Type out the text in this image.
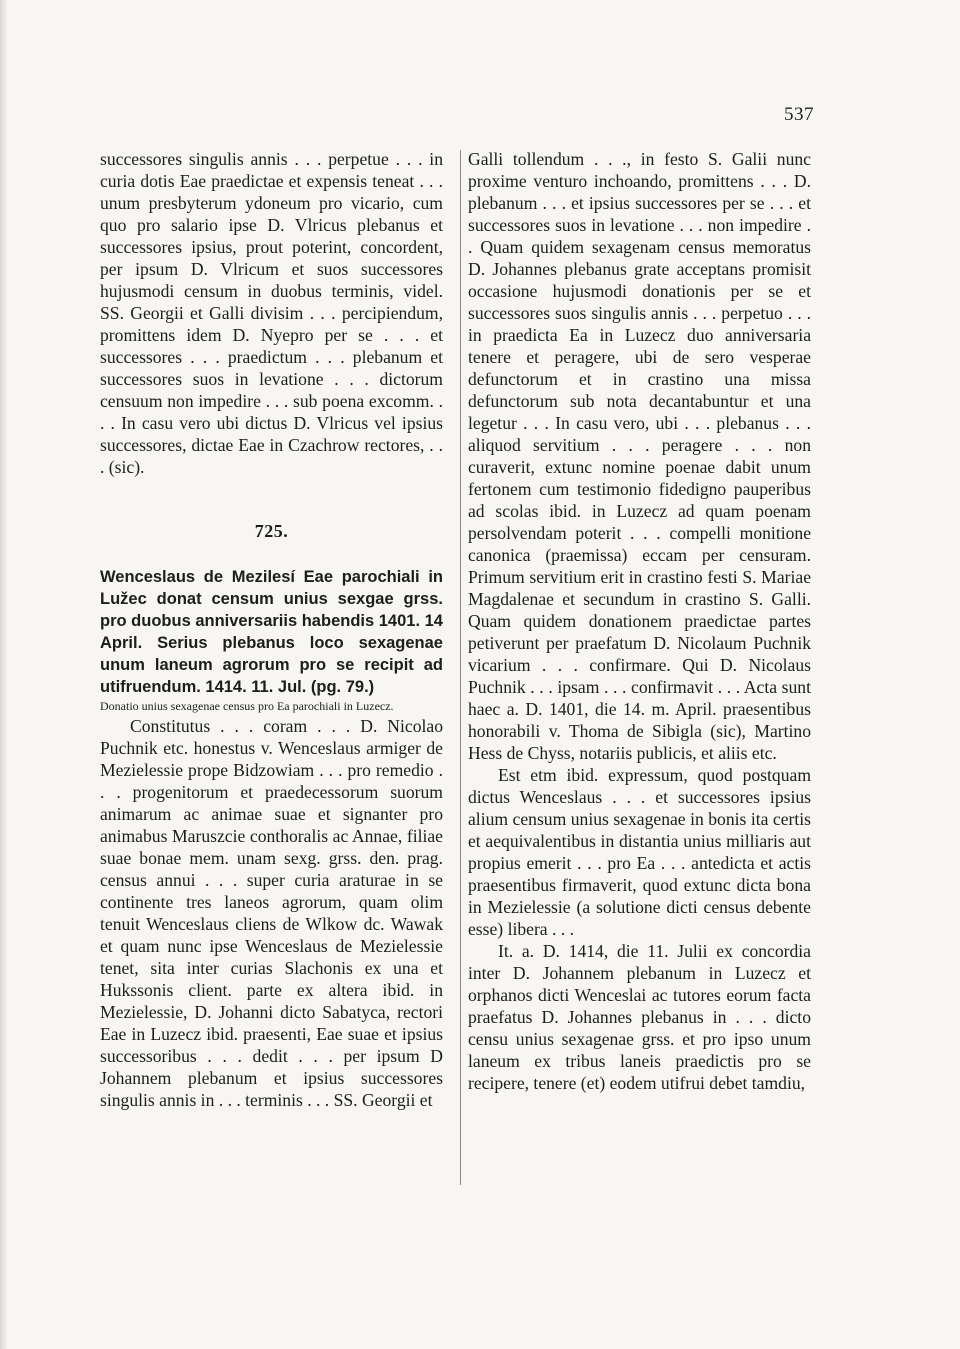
537

successores singulis annis . . . perpetue . . . in curia dotis Eae praedictae et expensis teneat . . . unum presbyterum ydoneum pro vicario, cum quo pro salario ipse D. Vlricus plebanus et successores ipsius, prout poterint, concordent, per ipsum D. Vlricum et suos successores hujusmodi censum in duobus terminis, videl. SS. Georgii et Galli divisim . . . percipiendum, promittens idem D. Nyepro per se . . . et successores . . . praedictum . . . plebanum et successores suos in levatione . . . dictorum censuum non impedire . . . sub poena excomm. . . . In casu vero ubi dictus D. Vlricus vel ipsius successores, dictae Eae in Czachrow rectores, . . . (sic).

725.

Wenceslaus de Mezilesí Eae parochiali in Lužec donat censum unius sexgae grss. pro duobus anniversariis habendis 1401. 14 April. Serius plebanus loco sexagenae unum laneum agrorum pro se recipit ad utifruendum. 1414. 11. Jul. (pg. 79.)

Donatio unius sexagenae census pro Ea parochiali in Luzecz.

Constitutus . . . coram . . . D. Nicolao Puchnik etc. honestus v. Wenceslaus armiger de Mezielessie prope Bidzowiam . . . pro remedio . . . progenitorum et praedecessorum suorum animarum ac animae suae et signanter pro animabus Maruszcie conthoralis ac Annae, filiae suae bonae mem. unam sexg. grss. den. prag. census annui . . . super curia araturae in se continente tres laneos agrorum, quam olim tenuit Wenceslaus cliens de Wlkow dc. Wawak et quam nunc ipse Wenceslaus de Mezielessie tenet, sita inter curias Slachonis ex una et Hukssonis client. parte ex altera ibid. in Mezielessie, D. Johanni dicto Sabatyca, rectori Eae in Luzecz ibid. praesenti, Eae suae et ipsius successoribus . . . dedit . . . per ipsum D Johannem plebanum et ipsius successores singulis annis in . . . terminis . . . SS. Georgii et

Galli tollendum . . ., in festo S. Galii nunc proxime venturo inchoando, promittens . . . D. plebanum . . . et ipsius successores per se . . . et successores suos in levatione . . . non impedire . . Quam quidem sexagenam census memoratus D. Johannes plebanus grate acceptans promisit occasione hujusmodi donationis per se et successores suos singulis annis . . . perpetuo . . . in praedicta Ea in Luzecz duo anniversaria tenere et peragere, ubi de sero vesperae defunctorum et in crastino una missa defunctorum sub nota decantabuntur et una legetur . . . In casu vero, ubi . . . plebanus . . . aliquod servitium . . . peragere . . . non curaverit, extunc nomine poenae dabit unum fertonem cum testimonio fidedigno pauperibus ad scolas ibid. in Luzecz ad quam poenam persolvendam poterit . . . compelli monitione canonica (praemissa) eccam per censuram. Primum servitium erit in crastino festi S. Mariae Magdalenae et secundum in crastino S. Galli. Quam quidem donationem praedictae partes petiverunt per praefatum D. Nicolaum Puchnik vicarium . . . confirmare. Qui D. Nicolaus Puchnik . . . ipsam . . . confirmavit . . . Acta sunt haec a. D. 1401, die 14. m. April. praesentibus honorabili v. Thoma de Sibigla (sic), Martino Hess de Chyss, notariis publicis, et aliis etc.

Est etm ibid. expressum, quod postquam dictus Wenceslaus . . . et successores ipsius alium censum unius sexagenae in bonis ita certis et aequivalentibus in distantia unius milliaris aut propius emerit . . . pro Ea . . . antedicta et actis praesentibus firmaverit, quod extunc dicta bona in Mezielessie (a solutione dicti census debente esse) libera . . .

It. a. D. 1414, die 11. Julii ex concordia inter D. Johannem plebanum in Luzecz et orphanos dicti Wenceslai ac tutores eorum facta praefatus D. Johannes plebanus in . . . dicto censu unius sexagenae grss. et pro ipso unum laneum ex tribus laneis praedictis pro se recipere, tenere (et) eodem utifrui debet tamdiu,
